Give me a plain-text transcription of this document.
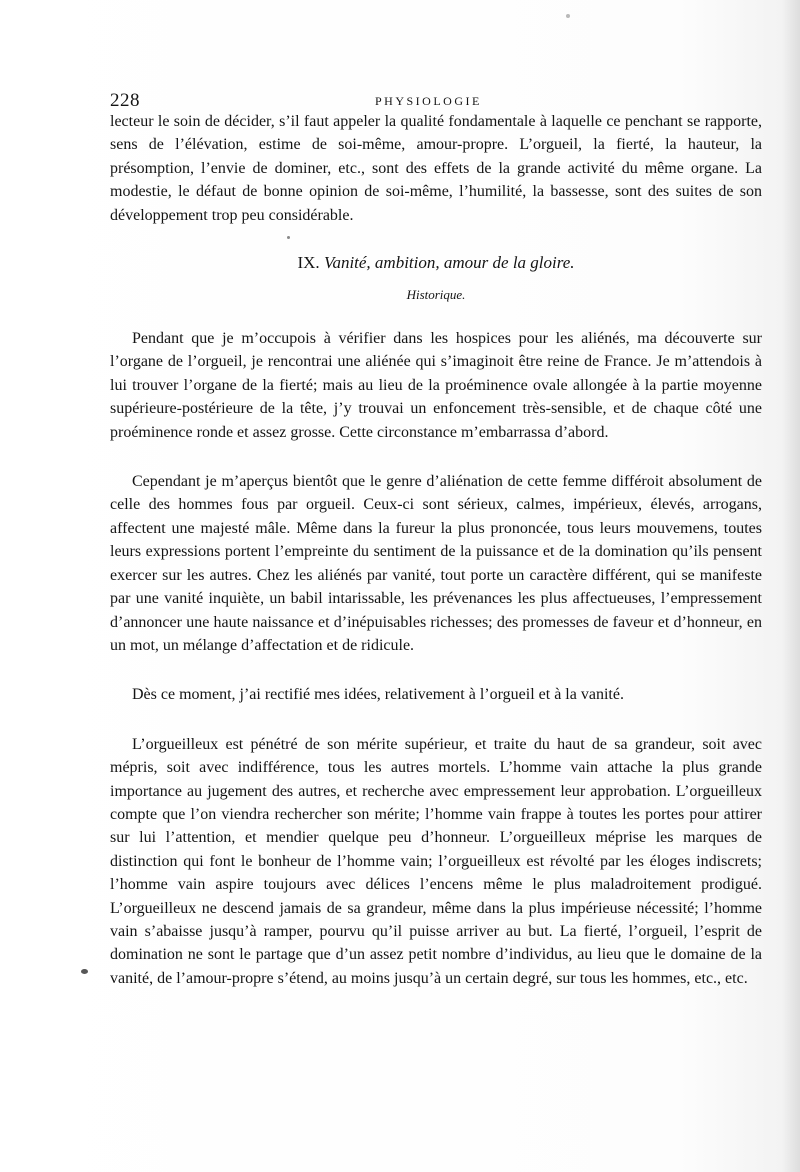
228	PHYSIOLOGIE

lecteur le soin de décider, s’il faut appeler la qualité fondamentale à laquelle ce penchant se rapporte, sens de l’élévation, estime de soi-même, amour-propre. L’orgueil, la fierté, la hauteur, la présomption, l’envie de dominer, etc., sont des effets de la grande activité du même organe. La modestie, le défaut de bonne opinion de soi-même, l’humilité, la bassesse, sont des suites de son développement trop peu considérable.

IX. Vanité, ambition, amour de la gloire.
Historique.

Pendant que je m’occupois à vérifier dans les hospices pour les aliénés, ma découverte sur l’organe de l’orgueil, je rencontrai une aliénée qui s’imaginoit être reine de France. Je m’attendois à lui trouver l’organe de la fierté; mais au lieu de la proéminence ovale allongée à la partie moyenne supérieure-postérieure de la tête, j’y trouvai un enfoncement très-sensible, et de chaque côté une proéminence ronde et assez grosse. Cette circonstance m’embarrassa d’abord.

Cependant je m’aperçus bientôt que le genre d’aliénation de cette femme différoit absolument de celle des hommes fous par orgueil. Ceux-ci sont sérieux, calmes, impérieux, élevés, arrogans, affectent une majesté mâle. Même dans la fureur la plus prononcée, tous leurs mouvemens, toutes leurs expressions portent l’empreinte du sentiment de la puissance et de la domination qu’ils pensent exercer sur les autres. Chez les aliénés par vanité, tout porte un caractère différent, qui se manifeste par une vanité inquiète, un babil intarissable, les prévenances les plus affectueuses, l’empressement d’annoncer une haute naissance et d’inépuisables richesses; des promesses de faveur et d’honneur, en un mot, un mélange d’affectation et de ridicule.

Dès ce moment, j’ai rectifié mes idées, relativement à l’orgueil et à la vanité.

L’orgueilleux est pénétré de son mérite supérieur, et traite du haut de sa grandeur, soit avec mépris, soit avec indifférence, tous les autres mortels. L’homme vain attache la plus grande importance au jugement des autres, et recherche avec empressement leur approbation. L’orgueilleux compte que l’on viendra rechercher son mérite; l’homme vain frappe à toutes les portes pour attirer sur lui l’attention, et mendier quelque peu d’honneur. L’orgueilleux méprise les marques de distinction qui font le bonheur de l’homme vain; l’orgueilleux est révolté par les éloges indiscrets; l’homme vain aspire toujours avec délices l’encens même le plus maladroitement prodigué. L’orgueilleux ne descend jamais de sa grandeur, même dans la plus impérieuse nécessité; l’homme vain s’abaisse jusqu’à ramper, pourvu qu’il puisse arriver au but. La fierté, l’orgueil, l’esprit de domination ne sont le partage que d’un assez petit nombre d’individus, au lieu que le domaine de la vanité, de l’amour-propre s’étend, au moins jusqu’à un certain degré, sur tous les hommes, etc., etc.
